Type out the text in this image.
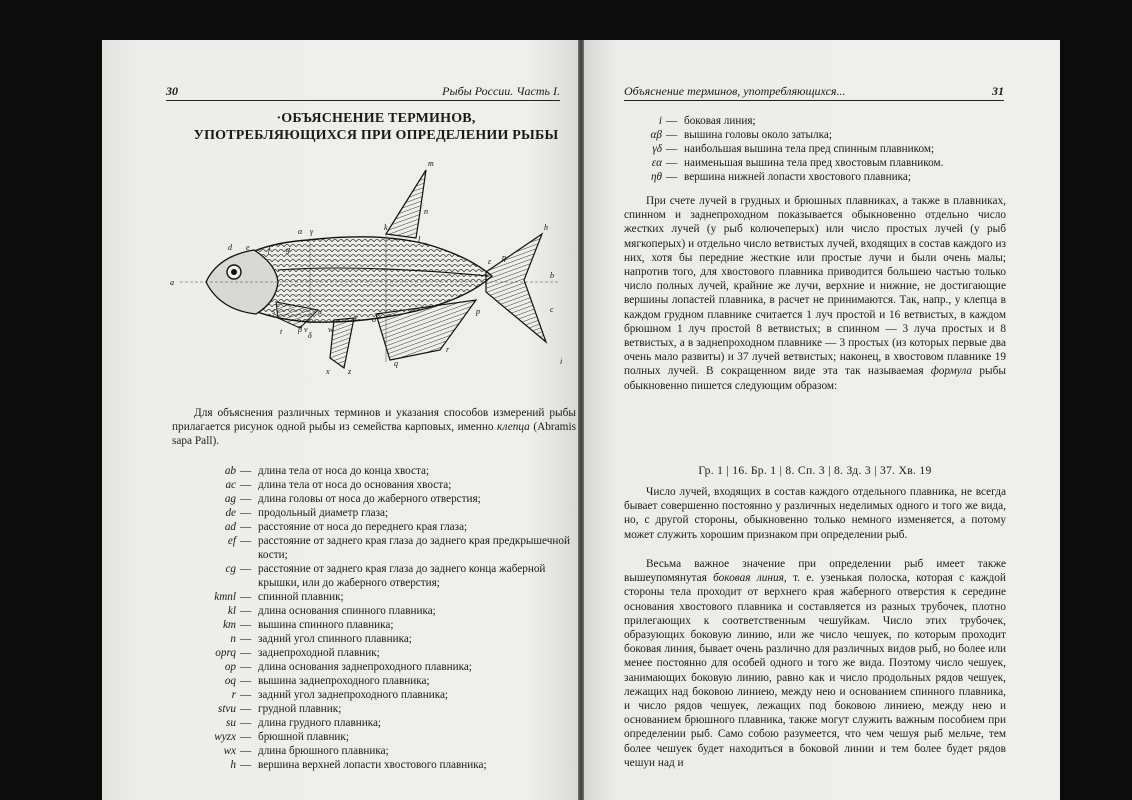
30	Рыбы России. Часть I.
·ОБЪЯСНЕНИЕ ТЕРМИНОВ,
УПОТРЕБЛЯЮЩИХСЯ ПРИ ОПРЕДЕЛЕНИИ РЫБЫ
a
b
c
d e f g
h
i
k
l
m
n
o
p
q
r
s
t
u
v	w
x
y
z
α
β
γ
δ
ε η
Для объяснения различных терминов и указания способов измерений рыбы прилагается рисунок одной рыбы из семейства карповых, именно клепца (Abramis sapa Pall).
ab — длина тела от носа до конца хвоста;
ac — длина тела от носа до основания хвоста;
ag — длина головы от носа до жаберного отверстия;
de — продольный диаметр глаза;
ad — расстояние от носа до переднего края глаза;
ef — расстояние от заднего края глаза до заднего края предкрышечной кости;
cg — расстояние от заднего края глаза до заднего конца жаберной крышки, или до жаберного отверстия;
kmnl — спинной плавник;
kl — длина основания спинного плавника;
km — вышина спинного плавника;
n — задний угол спинного плавника;
oprq — заднепроходной плавник;
op — длина основания заднепроходного плавника;
oq — вышина заднепроходного плавника;
r — задний угол заднепроходного плавника;
stvu — грудной плавник;
su — длина грудного плавника;
wyzx — брюшной плавник;
wx — длина брюшного плавника;
h — вершина верхней лопасти хвостового плавника;
Объяснение терминов, употребляющихся...	31
i — боковая линия;
αβ — вышина головы около затылка;
γδ — наибольшая вышина тела пред спинным плавником;
εα — наименьшая вышина тела пред хвостовым плавником.
ηθ — вершина нижней лопасти хвостового плавника;
При счете лучей в грудных и брюшных плавниках, а также в плавниках, спинном и заднепроходном показывается обыкновенно отдельно число жестких лучей (у рыб колючеперых) или число простых лучей (у рыб мягкоперых) и отдельно число ветвистых лучей, входящих в состав каждого из них, хотя бы передние жесткие или простые лучи и были очень малы; напротив того, для хвостового плавника приводится большею частью только число полных лучей, крайние же лучи, верхние и нижние, не достигающие вершины лопастей плавника, в расчет не принимаются. Так, напр., у клепца в каждом грудном плавнике считается 1 луч простой и 16 ветвистых, в каждом брюшном 1 луч простой 8 ветвистых; в спинном — 3 луча простых и 8 ветвистых, а в заднепроходном плавнике — 3 простых (из которых первые два очень мало развиты) и 37 лучей ветвистых; наконец, в хвостовом плавнике 19 полных лучей. В сокращенном виде эта так называемая формула рыбы обыкновенно пишется следующим образом:
Гр. 1 | 16. Бр. 1 | 8. Сп. 3 | 8. Зд. 3 | 37. Хв. 19
Число лучей, входящих в состав каждого отдельного плавника, не всегда бывает совершенно постоянно у различных неделимых одного и того же вида, но, с другой стороны, обыкновенно только немного изменяется, а потому может служить хорошим признаком при определении рыб.
Весьма важное значение при определении рыб имеет также вышеупомянутая боковая линия, т. е. узенькая полоска, которая с каждой стороны тела проходит от верхнего края жаберного отверстия к середине основания хвостового плавника и составляется из разных трубочек, плотно прилегающих к соответственным чешуйкам. Число этих трубочек, образующих боковую линию, или же число чешуек, по которым проходит боковая линия, бывает очень различно для различных видов рыб, но более или менее постоянно для особей одного и того же вида. Поэтому число чешуек, занимающих боковую линию, равно как и число продольных рядов чешуек, лежащих над боковою линиею, между нею и основанием спинного плавника, и число рядов чешуек, лежащих под боковою линиею, между нею и основанием брюшного плавника, также могут служить важным пособием при определении рыб. Само собою разумеется, что чем чешуя рыб мельче, тем более чешуек будет находиться в боковой линии и тем более будет рядов чешуи над и
